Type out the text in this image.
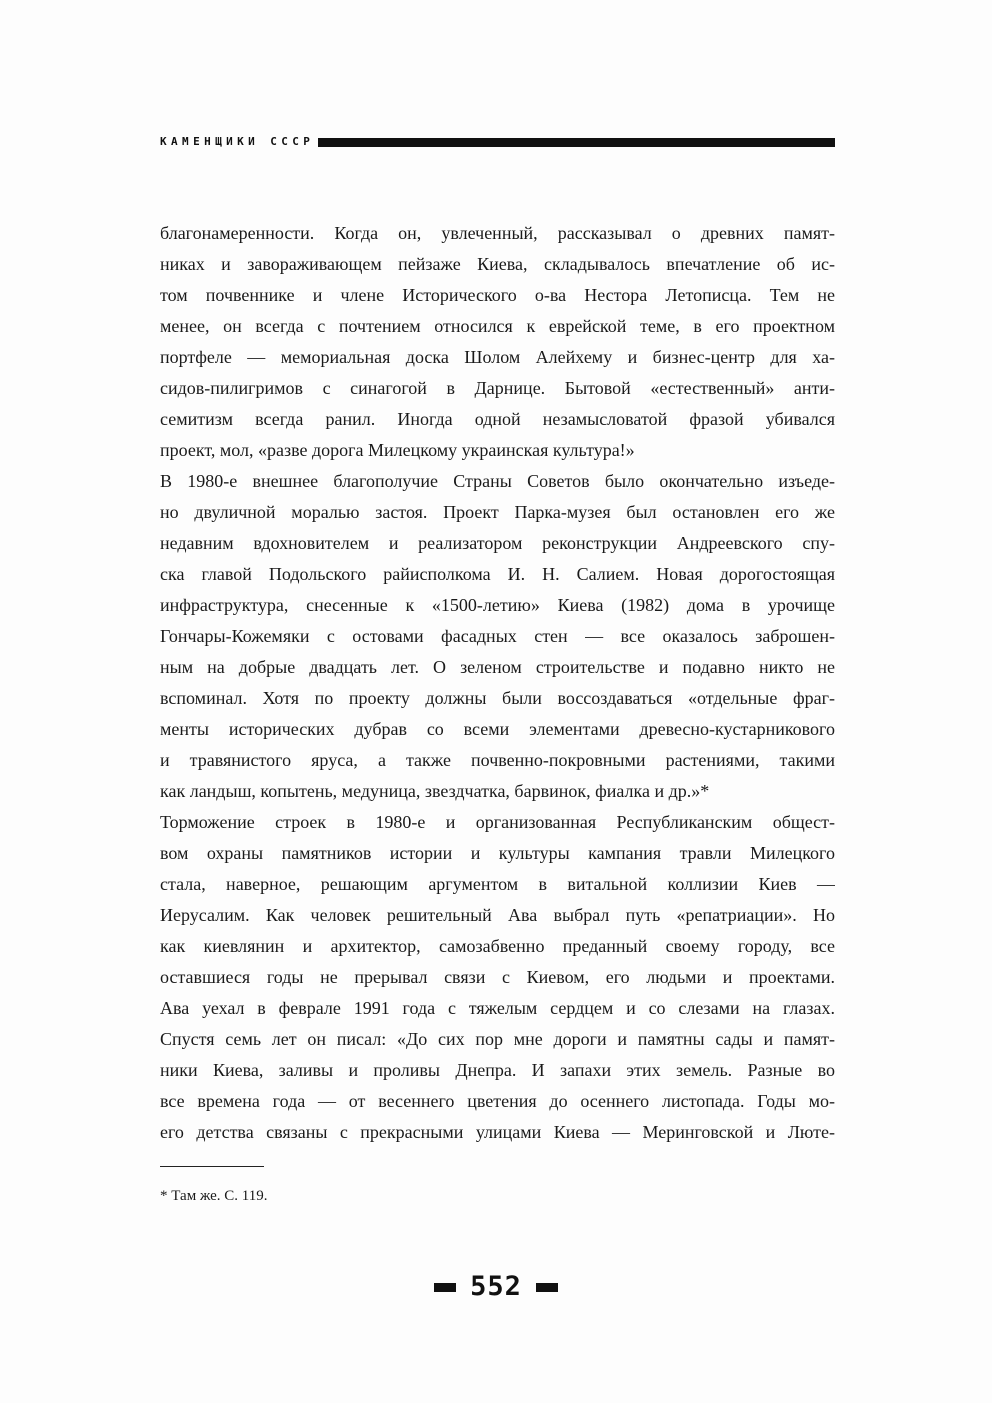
КАМЕНЩИКИ СССР
благонамеренности. Когда он, увлеченный, рассказывал о древних памят-
никах и завораживающем пейзаже Киева, складывалось впечатление об ис-
том почвеннике и члене Исторического о-ва Нестора Летописца. Тем не
менее, он всегда с почтением относился к еврейской теме, в его проектном
портфеле — мемориальная доска Шолом Алейхему и бизнес-центр для ха-
сидов-пилигримов с синагогой в Дарнице. Бытовой «естественный» анти-
семитизм всегда ранил. Иногда одной незамысловатой фразой убивался
проект, мол, «разве дорога Милецкому украинская культура!»
В 1980-е внешнее благополучие Страны Советов было окончательно изъеде-
но двуличной моралью застоя. Проект Парка-музея был остановлен его же
недавним вдохновителем и реализатором реконструкции Андреевского спу-
ска главой Подольского райисполкома И. Н. Салием. Новая дорогостоящая
инфраструктура, снесенные к «1500-летию» Киева (1982) дома в урочище
Гончары-Кожемяки с остовами фасадных стен — все оказалось заброшен-
ным на добрые двадцать лет. О зеленом строительстве и подавно никто не
вспоминал. Хотя по проекту должны были воссоздаваться «отдельные фраг-
менты исторических дубрав со всеми элементами древесно-кустарникового
и травянистого яруса, а также почвенно-покровными растениями, такими
как ландыш, копытень, медуница, звездчатка, барвинок, фиалка и др.»*
Торможение строек в 1980-е и организованная Республиканским общест-
вом охраны памятников истории и культуры кампания травли Милецкого
стала, наверное, решающим аргументом в витальной коллизии Киев —
Иерусалим. Как человек решительный Ава выбрал путь «репатриации». Но
как киевлянин и архитектор, самозабвенно преданный своему городу, все
оставшиеся годы не прерывал связи с Киевом, его людьми и проектами.
Ава уехал в феврале 1991 года с тяжелым сердцем и со слезами на глазах.
Спустя семь лет он писал: «До сих пор мне дороги и памятны сады и памят-
ники Киева, заливы и проливы Днепра. И запахи этих земель. Разные во
все времена года — от весеннего цветения до осеннего листопада. Годы мо-
его детства связаны с прекрасными улицами Киева — Меринговской и Люте-
* Там же. С. 119.
552
